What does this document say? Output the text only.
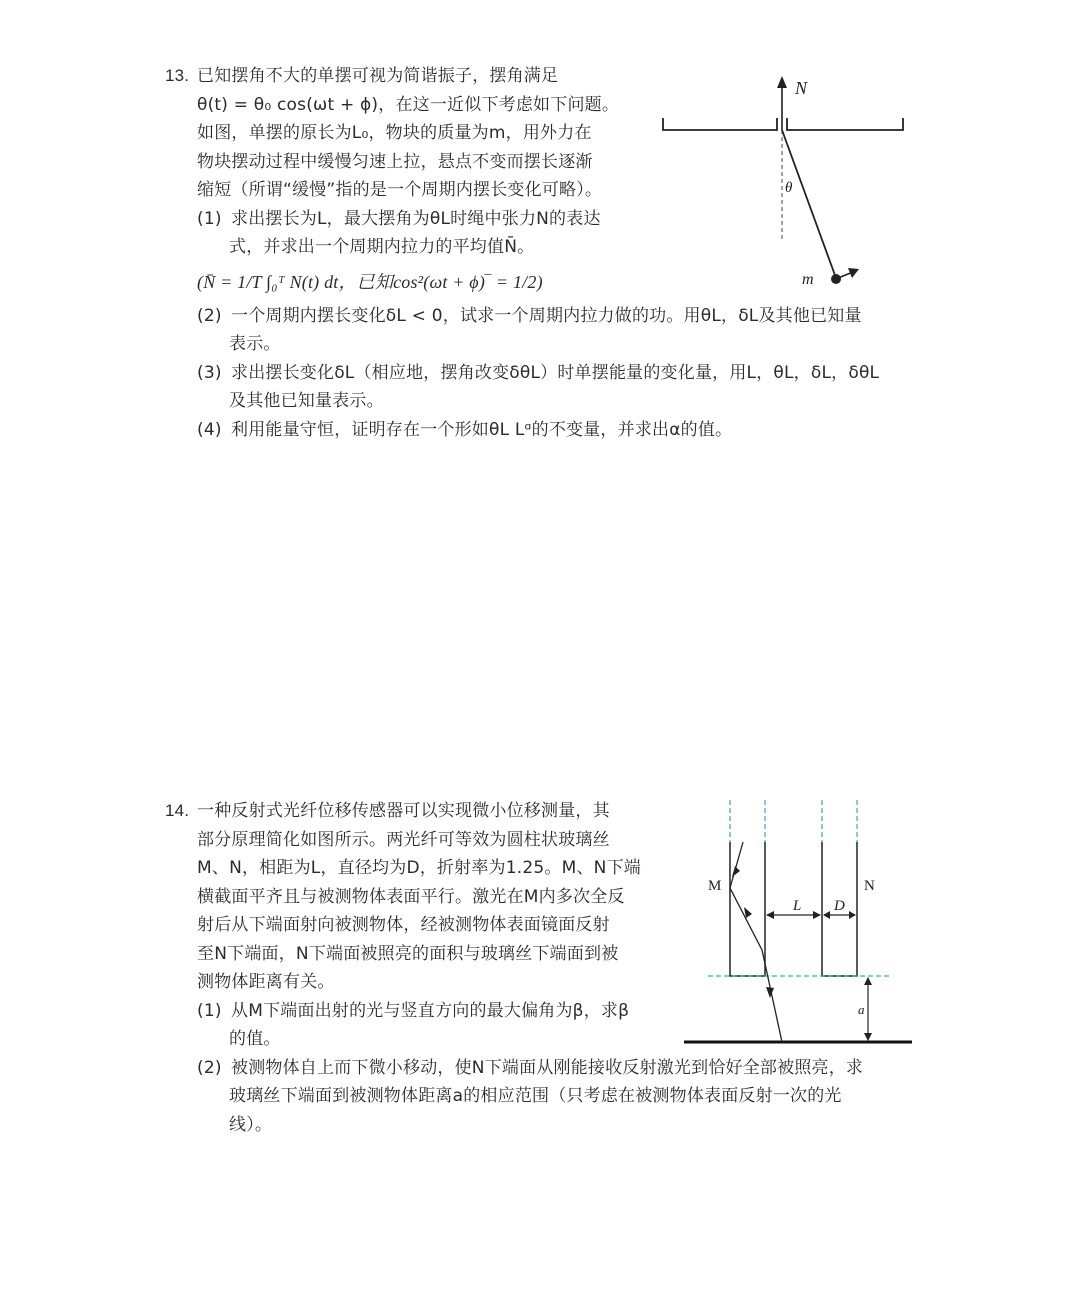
13. 已知摆角不大的单摆可视为简谐振子，摆角满足
θ(t) = θ₀ cos(ωt + ϕ)，在这一近似下考虑如下问题。
如图，单摆的原长为L₀，物块的质量为m，用外力在
物块摆动过程中缓慢匀速上拉，悬点不变而摆长逐渐
缩短（所谓“缓慢”指的是一个周期内摆长变化可略）。
(1) 求出摆长为L，最大摆角为θL时绳中张力N的表达
式，并求出一个周期内拉力的平均值N̄。
(N̄ = 1/T ∫₀ᵀ N(t) dt，已知cos²(ωt + ϕ)‾ = 1/2)
(2) 一个周期内摆长变化δL < 0，试求一个周期内拉力做的功。用θL，δL及其他已知量
表示。
(3) 求出摆长变化δL（相应地，摆角改变δθL）时单摆能量的变化量，用L，θL，δL，δθL
及其他已知量表示。
(4) 利用能量守恒，证明存在一个形如θL Lᵅ的不变量，并求出α的值。
N
θ
m
14. 一种反射式光纤位移传感器可以实现微小位移测量，其
部分原理简化如图所示。两光纤可等效为圆柱状玻璃丝
M、N，相距为L，直径均为D，折射率为1.25。M、N下端
横截面平齐且与被测物体表面平行。激光在M内多次全反
射后从下端面射向被测物体，经被测物体表面镜面反射
至N下端面，N下端面被照亮的面积与玻璃丝下端面到被
测物体距离有关。
(1) 从M下端面出射的光与竖直方向的最大偏角为β，求β
的值。
(2) 被测物体自上而下微小移动，使N下端面从刚能接收反射激光到恰好全部被照亮，求
玻璃丝下端面到被测物体距离a的相应范围（只考虑在被测物体表面反射一次的光
线）。
M	N
L D
a
